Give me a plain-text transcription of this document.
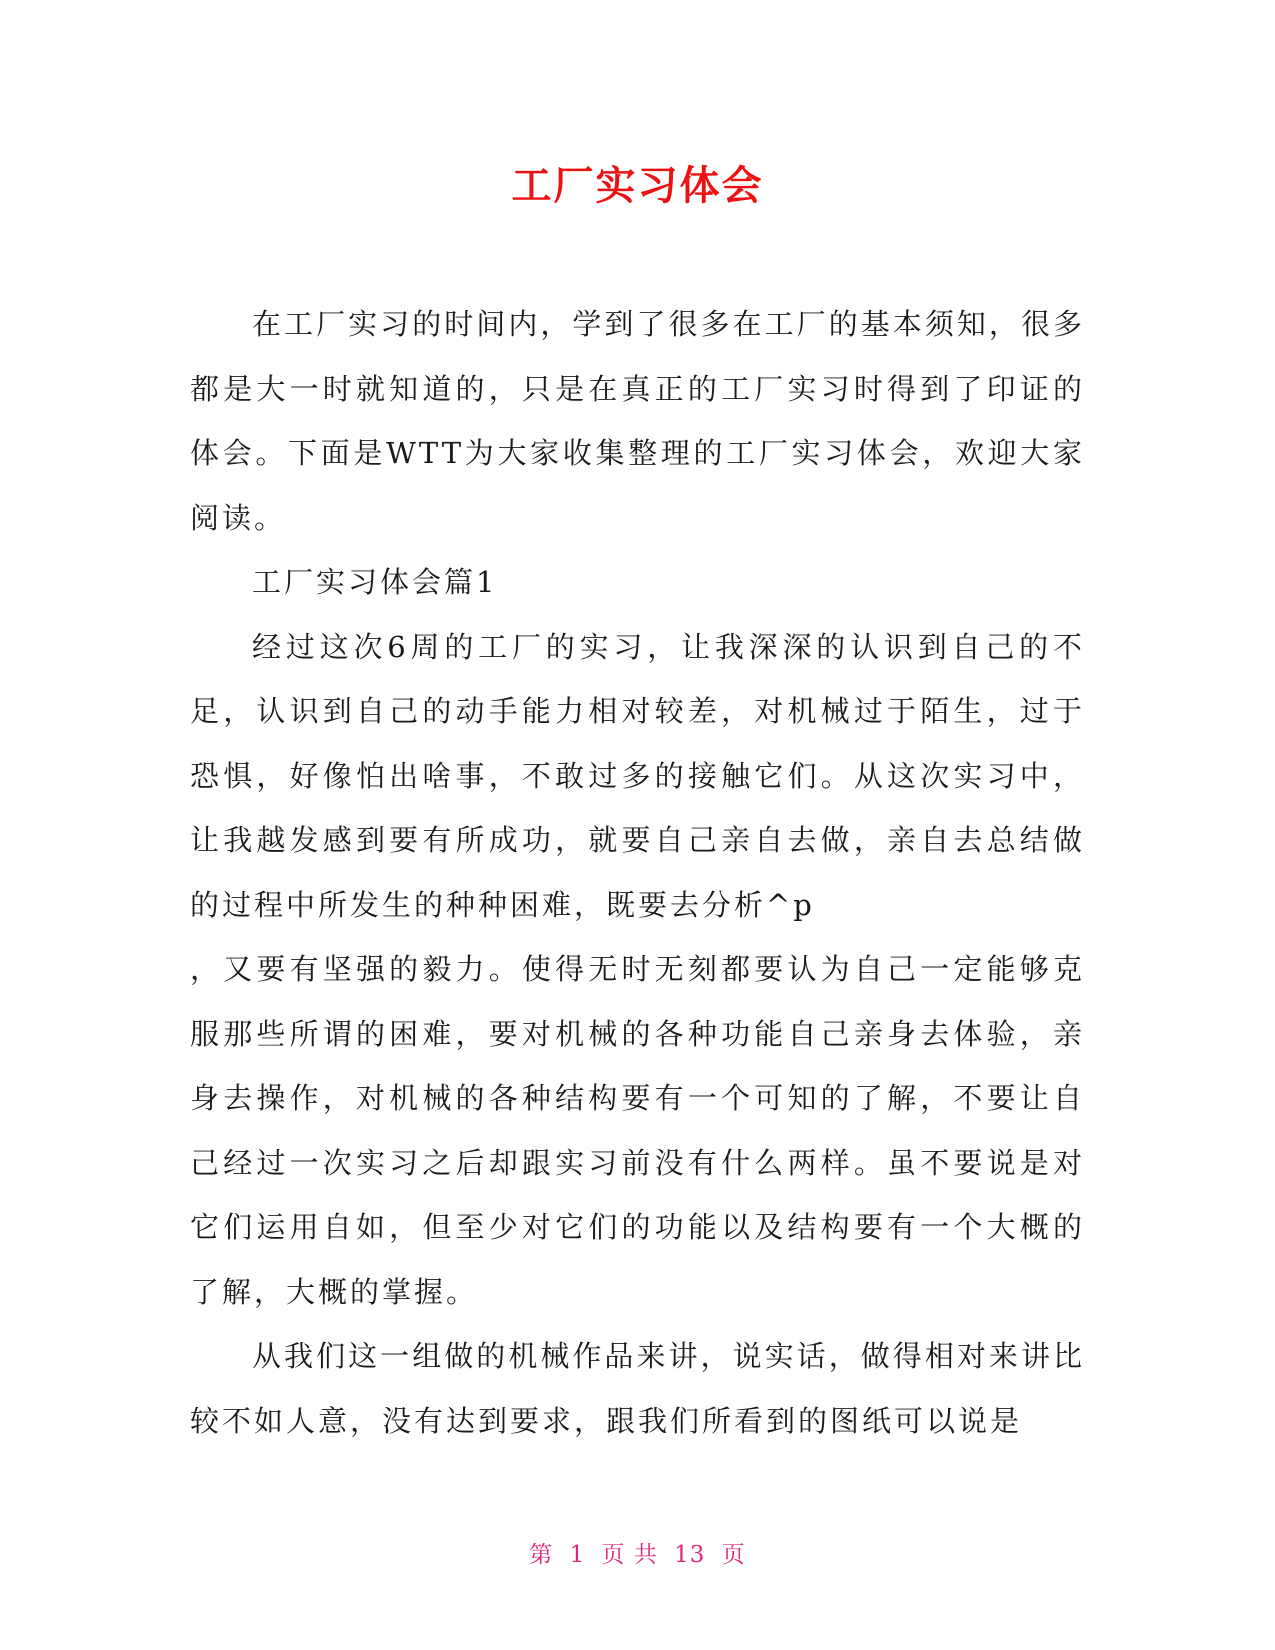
工厂实习体会

在工厂实习的时间内，学到了很多在工厂的基本须知，很多都是大一时就知道的，只是在真正的工厂实习时得到了印证的体会。下面是WTT为大家收集整理的工厂实习体会，欢迎大家阅读。

工厂实习体会篇1

经过这次6周的工厂的实习，让我深深的认识到自己的不足，认识到自己的动手能力相对较差，对机械过于陌生，过于恐惧，好像怕出啥事，不敢过多的接触它们。从这次实习中，让我越发感到要有所成功，就要自己亲自去做，亲自去总结做的过程中所发生的种种困难，既要去分析^p

，又要有坚强的毅力。使得无时无刻都要认为自己一定能够克服那些所谓的困难，要对机械的各种功能自己亲身去体验，亲身去操作，对机械的各种结构要有一个可知的了解，不要让自己经过一次实习之后却跟实习前没有什么两样。虽不要说是对它们运用自如，但至少对它们的功能以及结构要有一个大概的了解，大概的掌握。

从我们这一组做的机械作品来讲，说实话，做得相对来讲比较不如人意，没有达到要求，跟我们所看到的图纸可以说是

第 1 页 共 13 页
